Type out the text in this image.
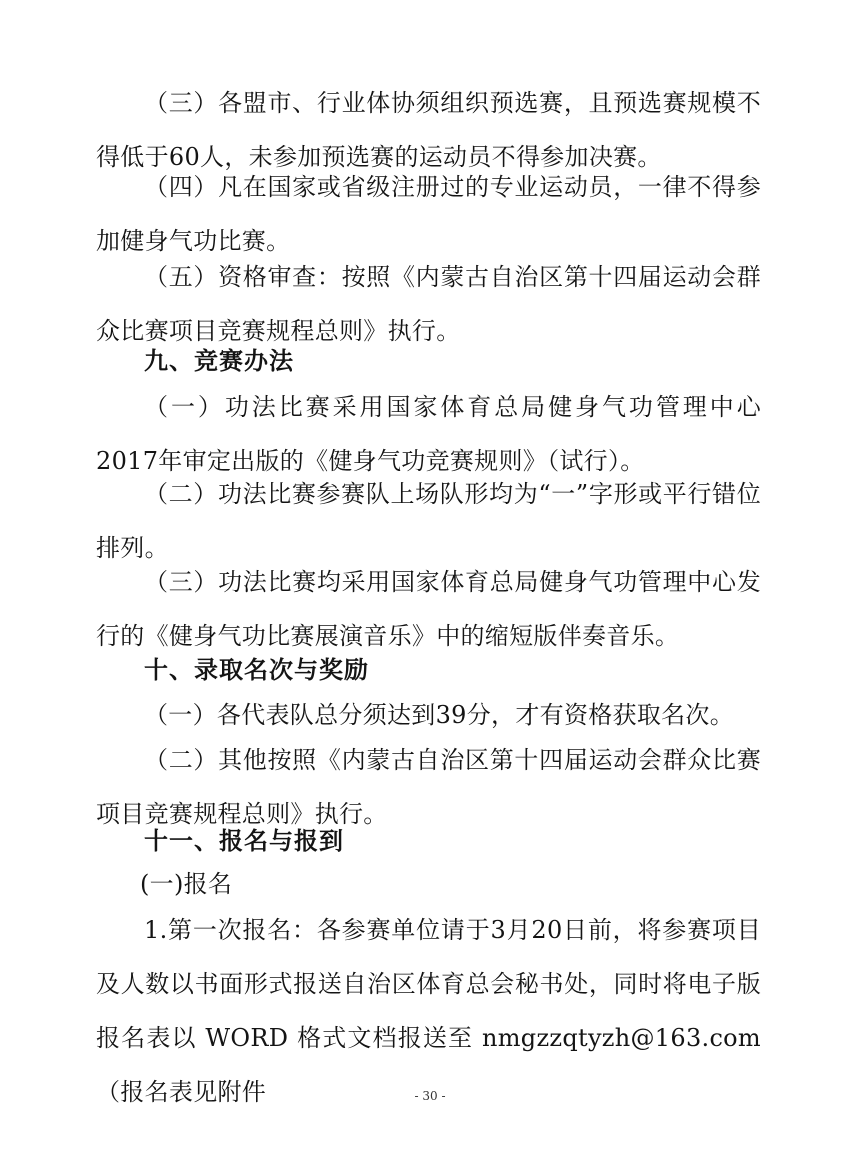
（三）各盟市、行业体协须组织预选赛，且预选赛规模不得低于60人，未参加预选赛的运动员不得参加决赛。
（四）凡在国家或省级注册过的专业运动员，一律不得参加健身气功比赛。
（五）资格审查：按照《内蒙古自治区第十四届运动会群众比赛项目竞赛规程总则》执行。
九、竞赛办法
（一）功法比赛采用国家体育总局健身气功管理中心2017年审定出版的《健身气功竞赛规则》（试行）。
（二）功法比赛参赛队上场队形均为“一”字形或平行错位排列。
（三）功法比赛均采用国家体育总局健身气功管理中心发行的《健身气功比赛展演音乐》中的缩短版伴奏音乐。
十、录取名次与奖励
（一）各代表队总分须达到39分，才有资格获取名次。
（二）其他按照《内蒙古自治区第十四届运动会群众比赛项目竞赛规程总则》执行。
十一、报名与报到
(一)报名
1.第一次报名：各参赛单位请于3月20日前，将参赛项目及人数以书面形式报送自治区体育总会秘书处，同时将电子版报名表以 WORD 格式文档报送至 nmgzzqtyzh@163.com（报名表见附件	- 30 -
